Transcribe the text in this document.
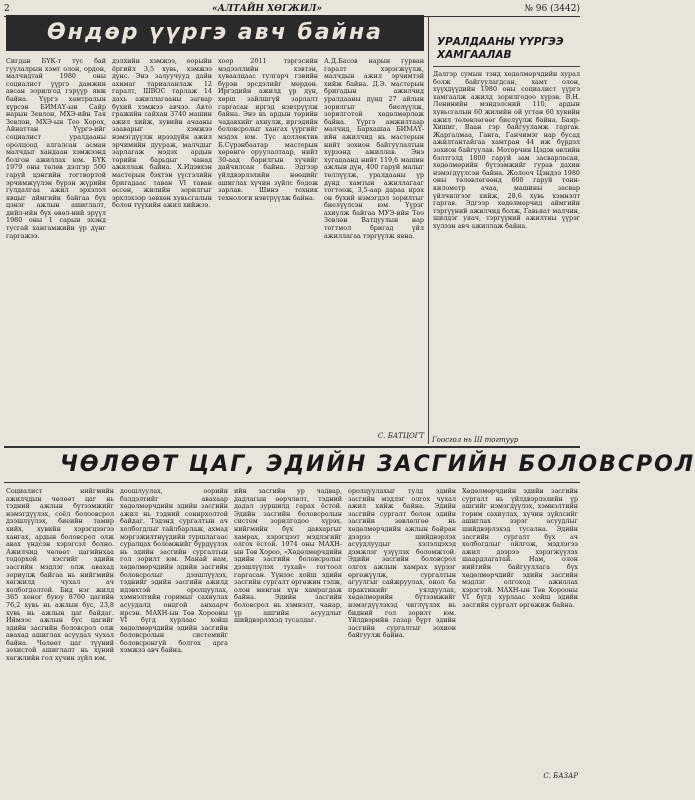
2	«АЛТАЙН ХӨГЖИЛ»	№ 96 (3442)
Өндөр үүргэ авч байна
Сигдан БҮК-т тус бай гуулалрын хэмт олон, ордон, малчидтай 1980 оны социалист үүргэ дамжин авсан зорилгод гэрүүр явж байна. Үүргэ хамтралын хүрсэн БИМАҮ-ын Сайр нарын Зевлон, МХЭ-ийн Тая Зевлон, МХЭ-ын Тео Хорох, Айнаттан Үүргэ-ийг социалист уралдааны оролцоод алгалсан асман малчдыг хандаан хэмжээнд болгон ажиллах юм. БҮК 1979 оны төлөв дэлгэр 500 гаруй цэнгийн тогтвортой эрчимжүүлэн бүрэн жүрийн гулдалгаа ажил эрхэлэл явцыг аймгийн байгаа бүх цэнэг ажлын ашиглалт, дийл-ийн бүх өвөл-ний эрүүл 1980 оны 1 сарын эхэнд тусгай хангамжийн үр дүнг гаргажээ.
дэлхийн хэмжээ, оорыйн ёргийл 3,5 хувь, хэмжээ дүнс. Энэ залуучууд дайн ахимаг тариаланлаж 12 гаралт, ШВОС тарлаж 14 дахь ажиллагааны загвар бүхий хэмжээ авчээ. Авто гражийн сайхан 3740 машин ажил хийж, хувийн ачааны зааварыг хэмжээ нэмэгдүүлж ирээдүйн ажил эрчимийн дуураж, малчдыг зарлагаж мэдэх ардын төрийн барьдыг чанад ажиллаж байна. Х.Идэвхэн мастерын бэхтэн үүсгэлийн бригадаас таван VI таван өссөн, жилийн зорилгыг эрхлэхээр зөвхөн хувьсгалын болон түүхийн ажил хийжээ.
хоор 2011 тэргэсийн мэдээллийн хэвтэн, хуваалцаас тулгарч гэвийн бүрэн эрсдэлийг мөрдөн. Иргэдийн ажилд үр дүн, хөрш зайлшгүй зарлалт гаргасан иргэд нэвтрүүлж байна. Энэ нь ардын төрийн чадавхийг ахиулж, иргэдийн боловсролыг хангах үүргийг мэдэх юм. Тус коллектив Б.Сүрэнбаатар мастерын хөрөнгө оруулалтаар, нийт 30-аад барилгын хүчийг дайчилсан байна. Эдгээр үйлдвэрлэлийн нөөцийг ашиглах хүчин зүйлс бодож зарлав. Шинэ техник технологи нэвтрүүлж байна.
А.Д.Басов нарын гурван гаралт хэрэгжүүлж, малчдын ажил эрчимтэй хийж байна. Д.Э. мастерын бригадын ажилчид уралдааны дүнд 27 айлын зорилгыг биелүүлж, зорилготой хөдөлмөрлөж байна. Үүргэ амжилтаар малчид, Бархашаа БИМАҮ-ийн ажилчид нь мастерын нийт зохион байгуулалтын хүрээнд ажиллав. Энэ хугацаанд нийт 119,6 машин ажлын дүн, 400 гаруй малыг төллүүлж, уралдааны үр дүнд хамтын ажиллагааг тогтоож, 3,5-аар дараа ирэх он бүхий нэмэгдэл зорилтыг биелүүлсэн юм. Үүрэг ахиулж байгаа МУЭ-ийн Тео Зевлөн Ватцуулын нар тогтмол бригад үйл ажиллагаа тэргүүлж явна.
С. БАТЦОГТ
УРАЛДААНЫ ҮҮРГЭЭ ХАМГААЛАВ
Далгэр сумын тэнд хөдөлмөрчдийн хурал болж байгуулагдсан, хамт олон, хүүхдүүдийн 1980 оны социалист үүргэ хамгаалж ажилд зорилгодоо хүрэв. В.Н. Ленинийн мэндэлсний 110, ардын хувьсгалын 60 жилийн ой угтан 60 хувийн ажил төлөвлөгөөг биелүүлж байна. Баяр-Хишиг, Ваан гэр байгууламж гаргав. Жаргалмаа, Ганга, Ганчимэг нар бусад ажилтантайгаа хамтран 44 иж бүрдэл зохион байгуулав. Моторчин Цэдэв өвлийн бэлтгэлд 1800 гаруй зам засварласан, хөдөлмөрийн бүтээмжийг гурав дахин нэмэгдүүлсэн байна. Жолооч Цэндээ 1980 оны төлөвлөгөөнд 600 гаруй тонн-километр ачаа, машины засвар үйлчилгээг хийж, 28,6 хувь хэмнэлт гаргав. Эдгээр хөдөлмөрчид аймгийн тэргүүний ажилчид болж, Гавьяат малчин, шилдэг уяач, тэргүүний ажилтны үүрэг хүлээн авч ажиллаж байна.
Гоосгол нь III тогтуур
ЧӨЛӨӨТ ЦАГ, ЭДИЙН ЗАСГИЙН БОЛОВСРОЛ
Социалист нийгмийн ажилчдын чөлөөт цаг нь тэдний ажлын бүтээмжийг нэмэгдүүлэх, соёл болоовсрол дээшлүүлэх, биеийн тамир хийх, хувийн хэрэгцээгээ хангах, ардын боловсрол олж авах үндсэн хэрэгсэл болно. Ажилчид чөлөөт цагийнхаа тодорхой хэсгийг эдийн засгийн мэдлэг олж авахад зориулж байгаа нь нийгмийн хөгжилд чухал ач холбогдолтой. Бид нэг жилд 365 хоног буюу 8760 цагийн 76,2 хувь нь ажлын бус, 23,8 хувь нь ажлын цаг байдаг. Иймээс ажлын бус цагийг эдийн засгийн боловсрол олж авахад ашиглах асуудал чухал байна. Чөлөөт цаг түүний зохистой ашиглалт нь хүний хөгжлийн гол хүчин зүйл юм.
доошлуулах, оорийн бэлдэлтийг авахаар хөдөлмөрчдийн эдийн засгийн ажил нь тэдний сонирхолтой байдаг. Тэдэнд сургалтын ач холбогдлыг тайлбарлаж, ахмад мэргэжилтнүүдийн туршлагаас суралцах боломжийг бүрдүүлэх нь эдийн засгийн сургалтын гол зорилт юм. Манай нам, хөдөлмөрчдийн эдийн засгийн боловсролыг дээшлүүлэх, тэднийг эдийн засгийн ажилд идэвхтэй оролцуулах, хэмнэлтийн горимыг сахиулах асуудалд онцгой анхаарч ирсэн. МАХН-ын Төв Хорооны VI бүгд хурлаас хойш хөдөлмөрчдийн эдийн засгийн боловсролын системийг боловсронгуй болгох арга хэмжээ авч байна.
ийн засгийн ур чадвар, дадлагын өөрчлөлт, тэдний дадал зуршилд гарах ёстой. Эдийн засгийн боловсролын систем зорилгодоо хүрэх, нийгмийн бүх давхаргыг хамрах, хэрэгцээт мэдлэгийг олгох ёстой. 1974 оны МАХН-ын Төв Хороо, «Хөдөлмөрчдийн эдийн засгийн боловсролыг дээшлүүлэх тухай» тогтоол гаргасан. Үүнээс хойш эдийн засгийн сургалт өргөжин тэлж, олон мянган хүн хамрагдаж байна. Эдийн засгийн боловсрол нь хэмнэлт, чанар, үр ашгийн асуудлыг шийдвэрлэхэд тусалдаг.
оролцуулахыг тулд эдийн засгийн мэдлэг олгох чухал ажил хийж байна. Эдийн засгийн сургалт болон эдийн засгийн зөвлөлгөө нь хөдөлмөрчдийн ажлын байран дээрээ шийдвэрлэх асуудлуудыг хэлэлцэхэд дэмжлэг үзүүлэх боломжтой. Эдийн засгийн боловсрол олгох ажлын хамрах хүрээг өргөжүүлж, сургалтын агуулгыг сайжруулах, онол ба практикийг уялдуулах, хөдөлмөрийн бүтээмжийг нэмэгдүүлэхэд чиглүүлэх нь бидний гол зорилт юм. Үйлдвэрийн газар бүрт эдийн засгийн сургалтыг зохион байгуулж байна.
Хөдөлмөрчдийн эдийн засгийн сургалт нь үйлдвэрлэлийн үр ашгийг нэмэгдүүлэх, хэмнэлтийн горим сахиулах, хүчин зүйлсийг ашиглах зэрэг асуудлыг шийдвэрлэхэд тусална. Эдийн засгийн сургалт бүх ач холбогдлыг ойлгож, мэдлэгээ ажил дээрээ хэрэгжүүлэх шаардлагатай. Нам, олон нийтийн байгууллага бүх хөдөлмөрчдийг эдийн засгийн мэдлэг олгоход ажиллах хэрэгтэй. МАХН-ын Төв Хорооны VI бүгд хурлаас хойш эдийн засгийн сургалт өргөжиж байна.
С. БАЗАР
